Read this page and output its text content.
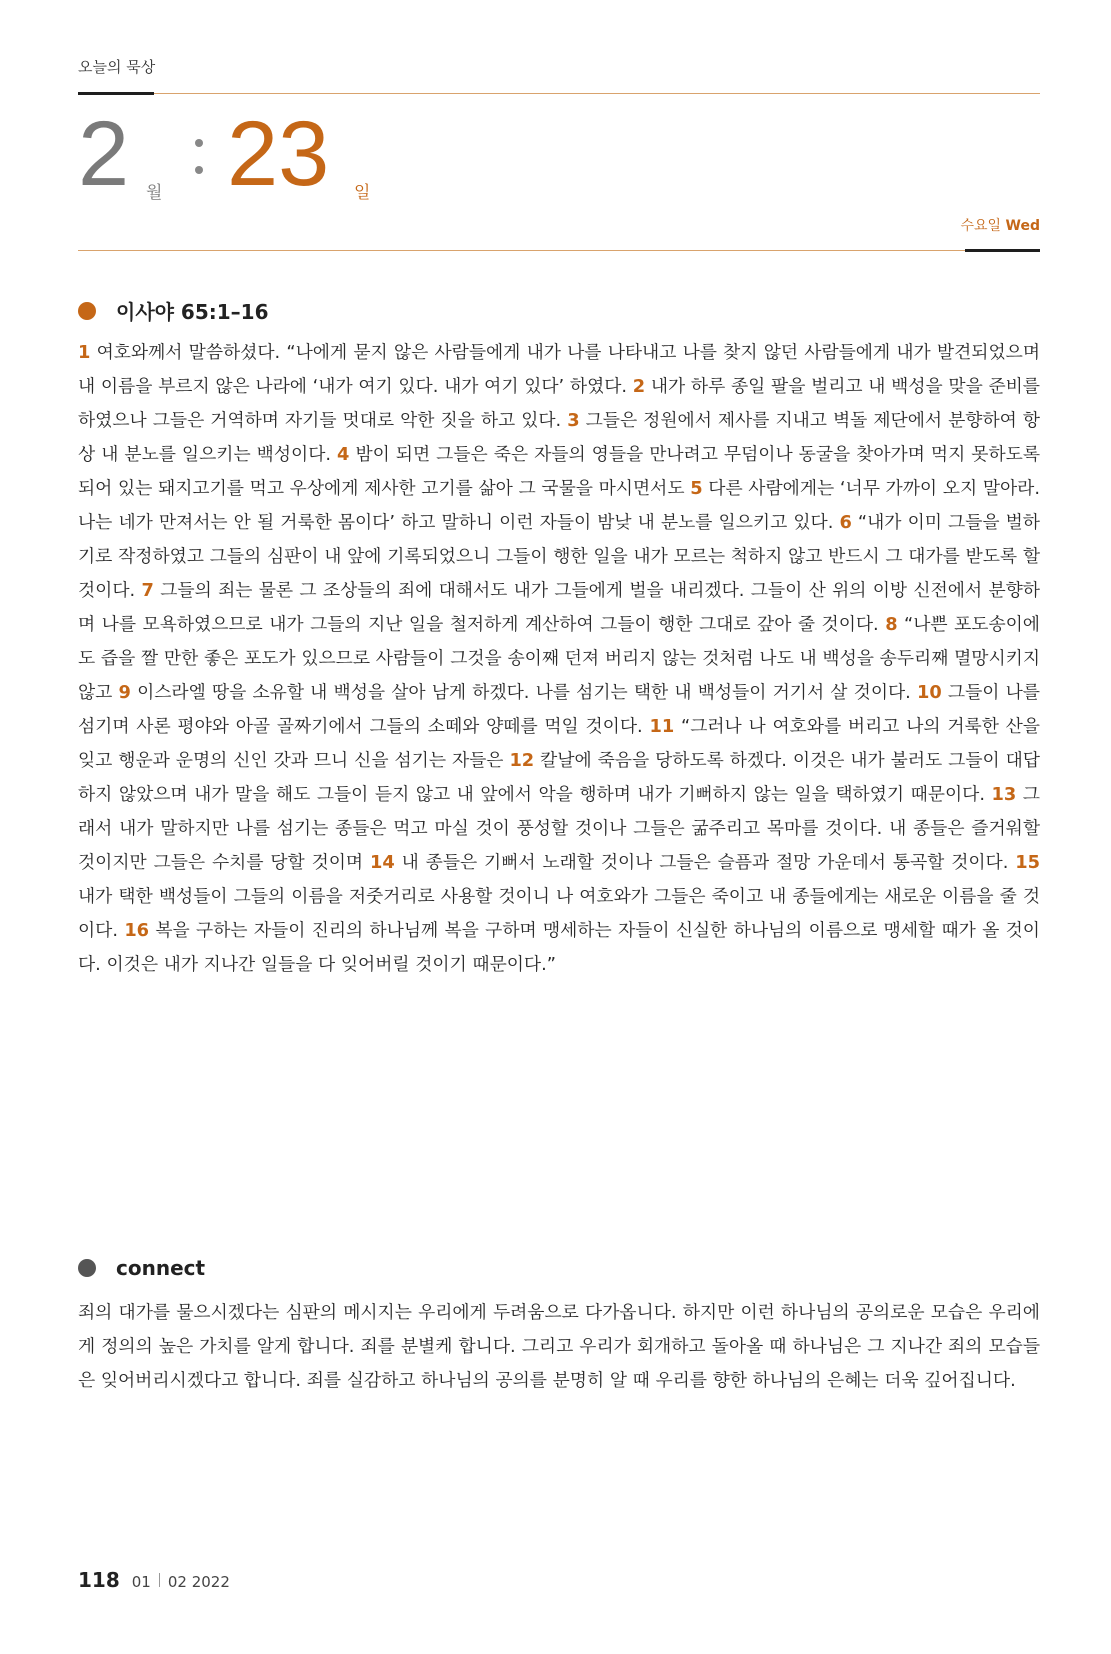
오늘의 묵상
2 월 23 일
수요일 Wed
이사야 65:1–16

1 여호와께서 말씀하셨다. “나에게 묻지 않은 사람들에게 내가 나를 나타내고 나를 찾지 않던 사람들에게 내가 발견되었으며 내 이름을 부르지 않은 나라에 ‘내가 여기 있다. 내가 여기 있다’ 하였다. 2 내가 하루 종일 팔을 벌리고 내 백성을 맞을 준비를 하였으나 그들은 거역하며 자기들 멋대로 악한 짓을 하고 있다. 3 그들은 정원에서 제사를 지내고 벽돌 제단에서 분향하여 항상 내 분노를 일으키는 백성이다. 4 밤이 되면 그들은 죽은 자들의 영들을 만나려고 무덤이나 동굴을 찾아가며 먹지 못하도록 되어 있는 돼지고기를 먹고 우상에게 제사한 고기를 삶아 그 국물을 마시면서도 5 다른 사람에게는 ‘너무 가까이 오지 말아라. 나는 네가 만져서는 안 될 거룩한 몸이다’ 하고 말하니 이런 자들이 밤낮 내 분노를 일으키고 있다. 6 “내가 이미 그들을 벌하기로 작정하였고 그들의 심판이 내 앞에 기록되었으니 그들이 행한 일을 내가 모르는 척하지 않고 반드시 그 대가를 받도록 할 것이다. 7 그들의 죄는 물론 그 조상들의 죄에 대해서도 내가 그들에게 벌을 내리겠다. 그들이 산 위의 이방 신전에서 분향하며 나를 모욕하였으므로 내가 그들의 지난 일을 철저하게 계산하여 그들이 행한 그대로 갚아 줄 것이다. 8 “나쁜 포도송이에도 즙을 짤 만한 좋은 포도가 있으므로 사람들이 그것을 송이째 던져 버리지 않는 것처럼 나도 내 백성을 송두리째 멸망시키지 않고 9 이스라엘 땅을 소유할 내 백성을 살아 남게 하겠다. 나를 섬기는 택한 내 백성들이 거기서 살 것이다. 10 그들이 나를 섬기며 사론 평야와 아골 골짜기에서 그들의 소떼와 양떼를 먹일 것이다. 11 “그러나 나 여호와를 버리고 나의 거룩한 산을 잊고 행운과 운명의 신인 갓과 므니 신을 섬기는 자들은 12 칼날에 죽음을 당하도록 하겠다. 이것은 내가 불러도 그들이 대답하지 않았으며 내가 말을 해도 그들이 듣지 않고 내 앞에서 악을 행하며 내가 기뻐하지 않는 일을 택하였기 때문이다. 13 그래서 내가 말하지만 나를 섬기는 종들은 먹고 마실 것이 풍성할 것이나 그들은 굶주리고 목마를 것이다. 내 종들은 즐거워할 것이지만 그들은 수치를 당할 것이며 14 내 종들은 기뻐서 노래할 것이나 그들은 슬픔과 절망 가운데서 통곡할 것이다. 15 내가 택한 백성들이 그들의 이름을 저줏거리로 사용할 것이니 나 여호와가 그들은 죽이고 내 종들에게는 새로운 이름을 줄 것이다. 16 복을 구하는 자들이 진리의 하나님께 복을 구하며 맹세하는 자들이 신실한 하나님의 이름으로 맹세할 때가 올 것이다. 이것은 내가 지나간 일들을 다 잊어버릴 것이기 때문이다.”

connect

죄의 대가를 물으시겠다는 심판의 메시지는 우리에게 두려움으로 다가옵니다. 하지만 이런 하나님의 공의로운 모습은 우리에게 정의의 높은 가치를 알게 합니다. 죄를 분별케 합니다. 그리고 우리가 회개하고 돌아올 때 하나님은 그 지나간 죄의 모습들은 잊어버리시겠다고 합니다. 죄를 실감하고 하나님의 공의를 분명히 알 때 우리를 향한 하나님의 은혜는 더욱 깊어집니다.

118 01 02 2022
